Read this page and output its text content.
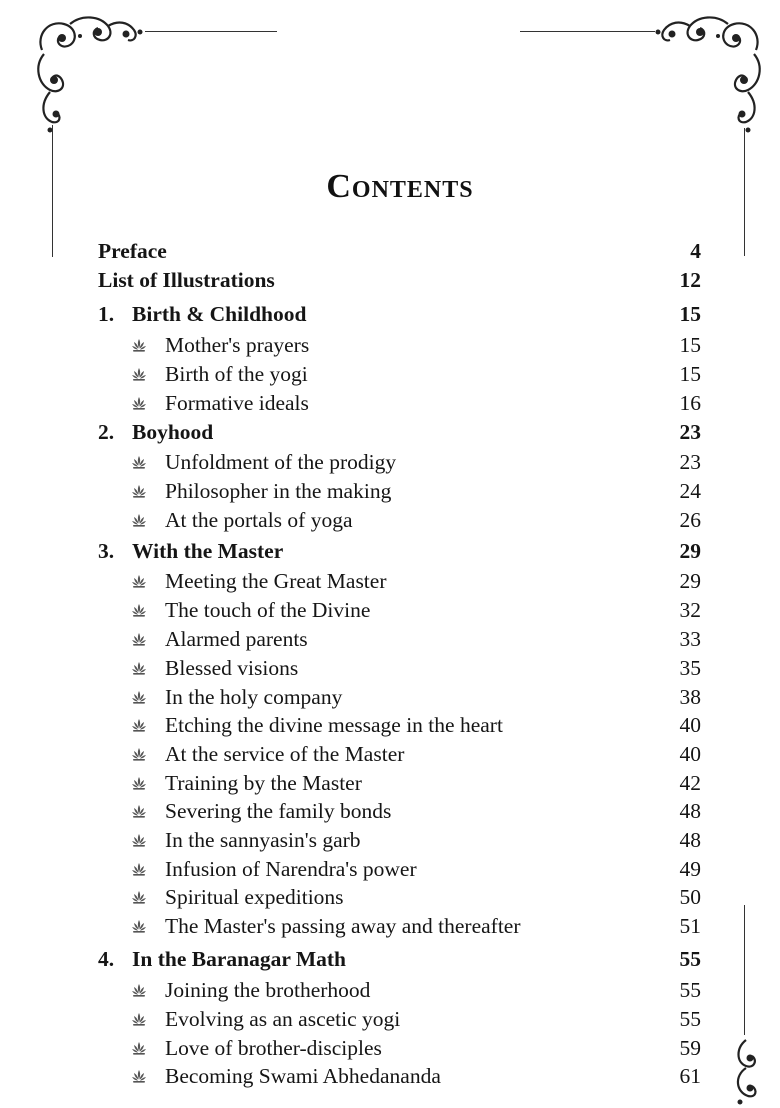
Contents
Preface	4
List of Illustrations	12
1. Birth & Childhood	15
Mother's prayers	15
Birth of the yogi	15
Formative ideals	16
2. Boyhood	23
Unfoldment of the prodigy	23
Philosopher in the making	24
At the portals of yoga	26
3. With the Master	29
Meeting the Great Master	29
The touch of the Divine	32
Alarmed parents	33
Blessed visions	35
In the holy company	38
Etching the divine message in the heart	40
At the service of the Master	40
Training by the Master	42
Severing the family bonds	48
In the sannyasin's garb	48
Infusion of Narendra's power	49
Spiritual expeditions	50
The Master's passing away and thereafter	51
4. In the Baranagar Math	55
Joining the brotherhood	55
Evolving as an ascetic yogi	55
Love of brother-disciples	59
Becoming Swami Abhedananda	61
